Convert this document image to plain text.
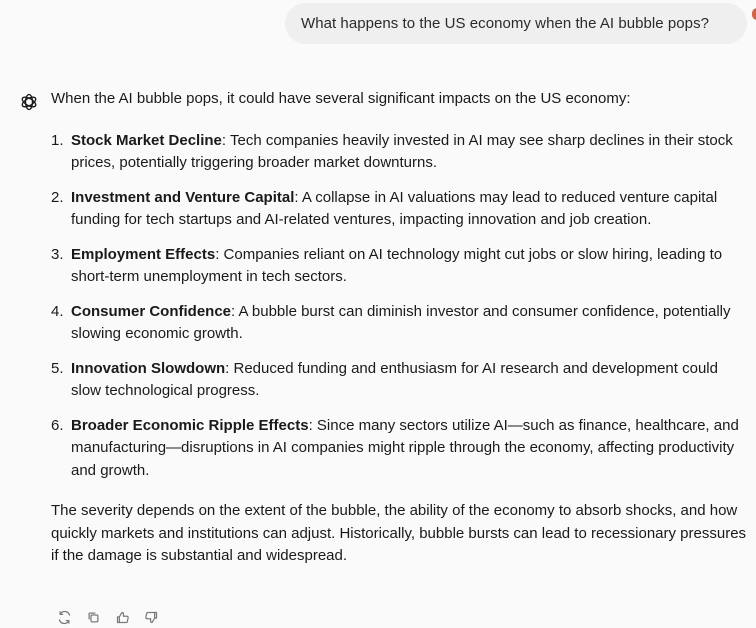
What happens to the US economy when the AI bubble pops?

When the AI bubble pops, it could have several significant impacts on the US economy:

1. Stock Market Decline: Tech companies heavily invested in AI may see sharp declines in their stock prices, potentially triggering broader market downturns.
2. Investment and Venture Capital: A collapse in AI valuations may lead to reduced venture capital funding for tech startups and AI-related ventures, impacting innovation and job creation.
3. Employment Effects: Companies reliant on AI technology might cut jobs or slow hiring, leading to short-term unemployment in tech sectors.
4. Consumer Confidence: A bubble burst can diminish investor and consumer confidence, potentially slowing economic growth.
5. Innovation Slowdown: Reduced funding and enthusiasm for AI research and development could slow technological progress.
6. Broader Economic Ripple Effects: Since many sectors utilize AI—such as finance, healthcare, and manufacturing—disruptions in AI companies might ripple through the economy, affecting productivity and growth.

The severity depends on the extent of the bubble, the ability of the economy to absorb shocks, and how quickly markets and institutions can adjust. Historically, bubble bursts can lead to recessionary pressures if the damage is substantial and widespread.
